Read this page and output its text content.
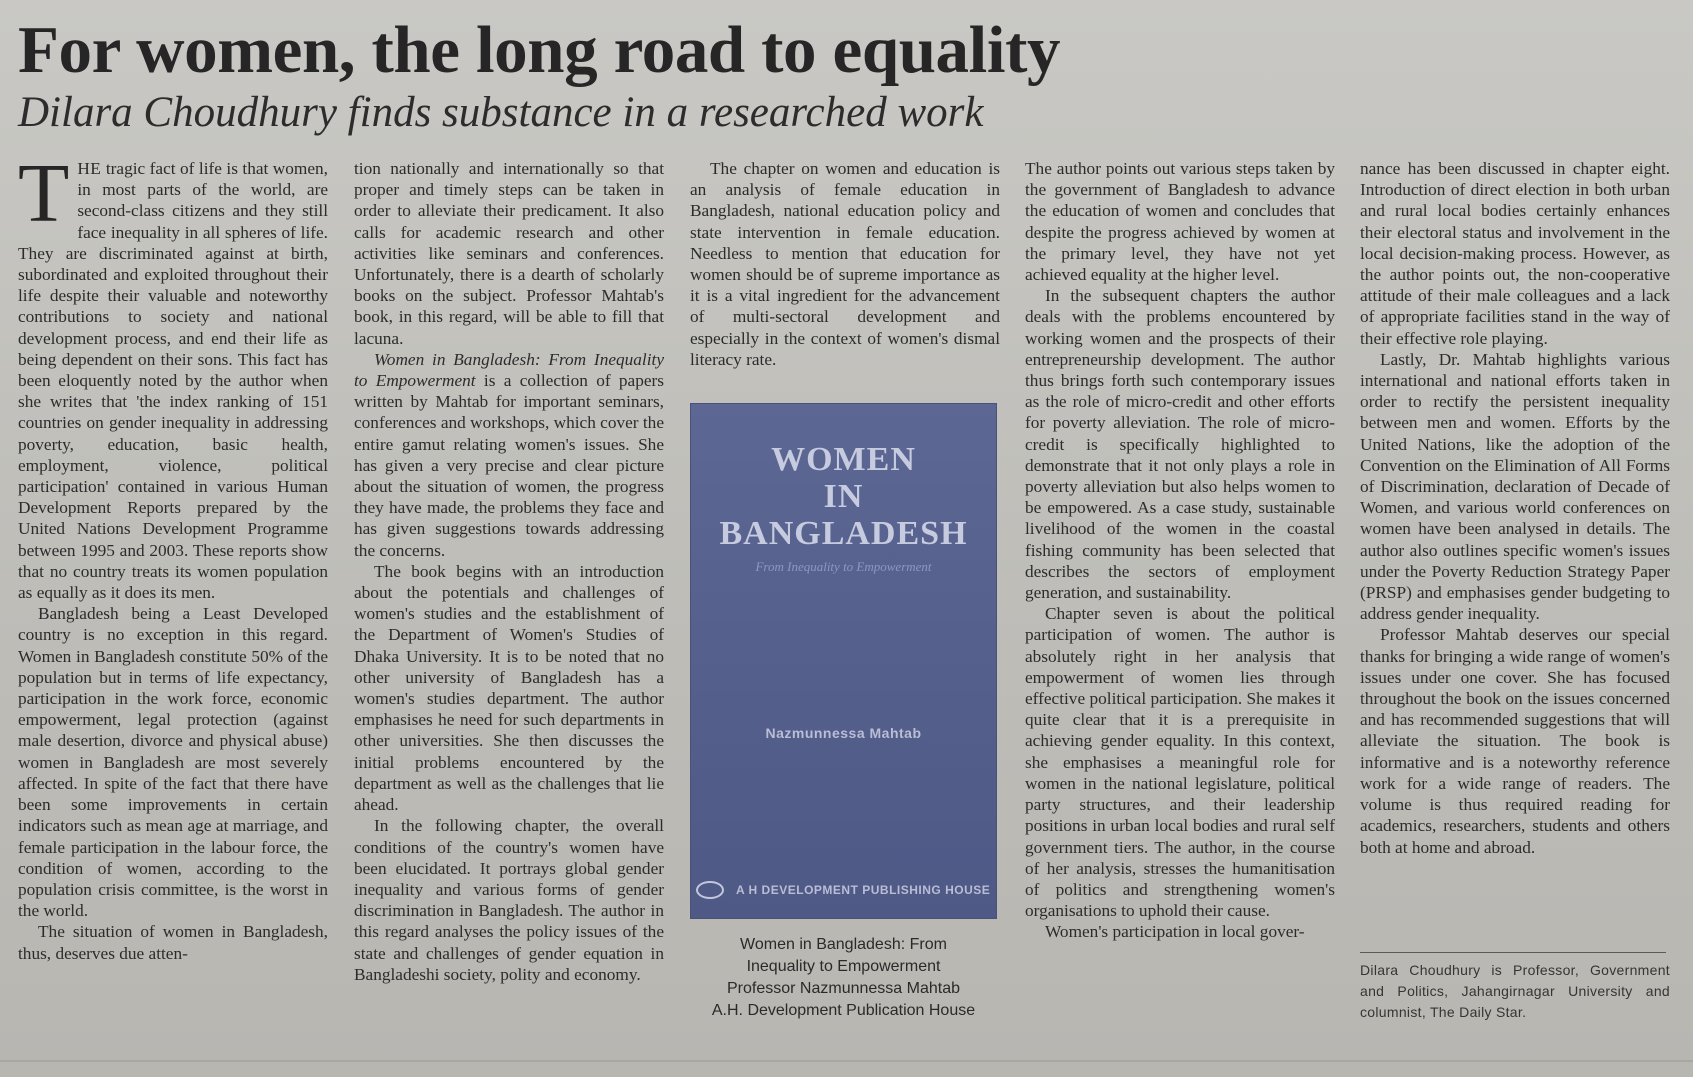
For women, the long road to equality
Dilara Choudhury finds substance in a researched work

THE tragic fact of life is that women, in most parts of the world, are second-class citizens and they still face inequality in all spheres of life. They are discriminated against at birth, subordinated and exploited throughout their life despite their valuable and noteworthy contributions to society and national development process, and end their life as being dependent on their sons. This fact has been eloquently noted by the author when she writes that 'the index ranking of 151 countries on gender inequality in addressing poverty, education, basic health, employment, violence, political participation' contained in various Human Development Reports prepared by the United Nations Development Programme between 1995 and 2003. These reports show that no country treats its women population as equally as it does its men.

Bangladesh being a Least Developed country is no exception in this regard. Women in Bangladesh constitute 50% of the population but in terms of life expectancy, participation in the work force, economic empowerment, legal protection (against male desertion, divorce and physical abuse) women in Bangladesh are most severely affected. In spite of the fact that there have been some improvements in certain indicators such as mean age at marriage, and female participation in the labour force, the condition of women, according to the population crisis committee, is the worst in the world.

The situation of women in Bangladesh, thus, deserves due atten-

tion nationally and internationally so that proper and timely steps can be taken in order to alleviate their predicament. It also calls for academic research and other activities like seminars and conferences. Unfortunately, there is a dearth of scholarly books on the subject. Professor Mahtab's book, in this regard, will be able to fill that lacuna.

Women in Bangladesh: From Inequality to Empowerment is a collection of papers written by Mahtab for important seminars, conferences and workshops, which cover the entire gamut relating women's issues. She has given a very precise and clear picture about the situation of women, the progress they have made, the problems they face and has given suggestions towards addressing the concerns.

The book begins with an introduction about the potentials and challenges of women's studies and the establishment of the Department of Women's Studies of Dhaka University. It is to be noted that no other university of Bangladesh has a women's studies department. The author emphasises he need for such departments in other universities. She then discusses the initial problems encountered by the department as well as the challenges that lie ahead.

In the following chapter, the overall conditions of the country's women have been elucidated. It portrays global gender inequality and various forms of gender discrimination in Bangladesh. The author in this regard analyses the policy issues of the state and challenges of gender equation in Bangladeshi society, polity and economy.

The chapter on women and education is an analysis of female education in Bangladesh, national education policy and state intervention in female education. Needless to mention that education for women should be of supreme importance as it is a vital ingredient for the advancement of multi-sectoral development and especially in the context of women's dismal literacy rate.

WOMEN
IN
BANGLADESH
From Inequality to Empowerment
Nazmunnessa Mahtab
A H DEVELOPMENT PUBLISHING HOUSE
Women in Bangladesh: From
Inequality to Empowerment
Professor Nazmunnessa Mahtab
A.H. Development Publication House

The author points out various steps taken by the government of Bangladesh to advance the education of women and concludes that despite the progress achieved by women at the primary level, they have not yet achieved equality at the higher level.

In the subsequent chapters the author deals with the problems encountered by working women and the prospects of their entrepreneurship development. The author thus brings forth such contemporary issues as the role of micro-credit and other efforts for poverty alleviation. The role of micro-credit is specifically highlighted to demonstrate that it not only plays a role in poverty alleviation but also helps women to be empowered. As a case study, sustainable livelihood of the women in the coastal fishing community has been selected that describes the sectors of employment generation, and sustainability.

Chapter seven is about the political participation of women. The author is absolutely right in her analysis that empowerment of women lies through effective political participation. She makes it quite clear that it is a prerequisite in achieving gender equality. In this context, she emphasises a meaningful role for women in the national legislature, political party structures, and their leadership positions in urban local bodies and rural self government tiers. The author, in the course of her analysis, stresses the humanitisation of politics and strengthening women's organisations to uphold their cause.

Women's participation in local gover-

nance has been discussed in chapter eight. Introduction of direct election in both urban and rural local bodies certainly enhances their electoral status and involvement in the local decision-making process. However, as the author points out, the non-cooperative attitude of their male colleagues and a lack of appropriate facilities stand in the way of their effective role playing.

Lastly, Dr. Mahtab highlights various international and national efforts taken in order to rectify the persistent inequality between men and women. Efforts by the United Nations, like the adoption of the Convention on the Elimination of All Forms of Discrimination, declaration of Decade of Women, and various world conferences on women have been analysed in details. The author also outlines specific women's issues under the Poverty Reduction Strategy Paper (PRSP) and emphasises gender budgeting to address gender inequality.

Professor Mahtab deserves our special thanks for bringing a wide range of women's issues under one cover. She has focused throughout the book on the issues concerned and has recommended suggestions that will alleviate the situation. The book is informative and is a noteworthy reference work for a wide range of readers. The volume is thus required reading for academics, researchers, students and others both at home and abroad.

Dilara Choudhury is Professor, Government and Politics, Jahangirnagar University and columnist, The Daily Star.
